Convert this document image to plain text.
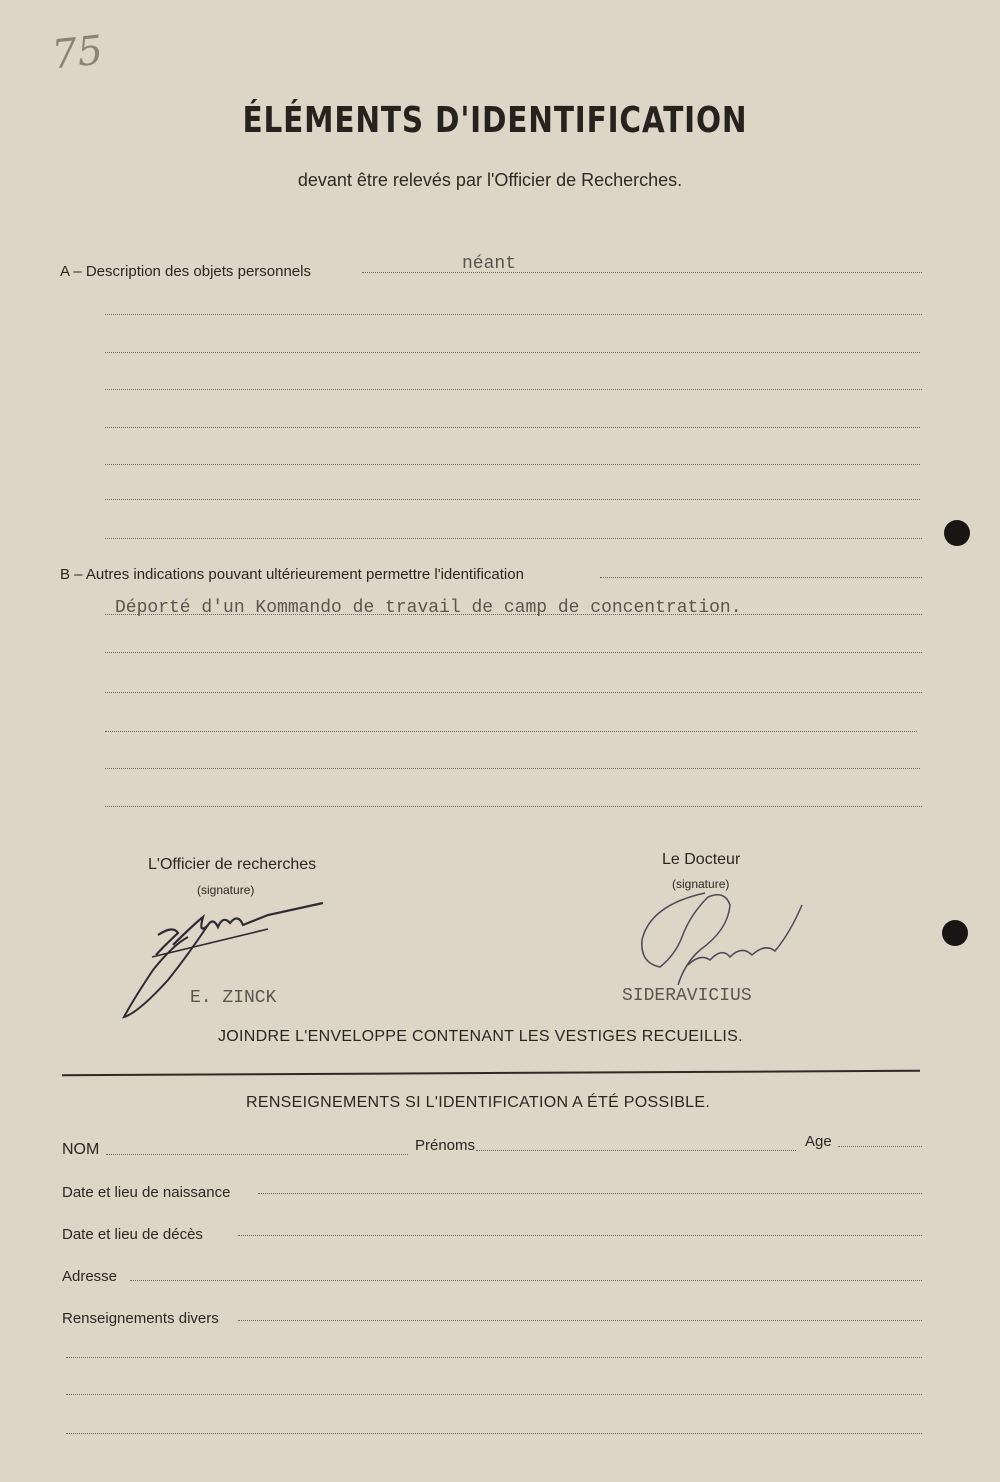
75
ÉLÉMENTS D'IDENTIFICATION
devant être relevés par l'Officier de Recherches.
A – Description des objets personnels	néant
B – Autres indications pouvant ultérieurement permettre l'identification
Déporté d'un Kommando de travail de camp de concentration.
L'Officier de recherches
(signature)
E. ZINCK
Le Docteur
(signature)
SIDERAVICIUS
JOINDRE L'ENVELOPPE CONTENANT LES VESTIGES RECUEILLIS.
RENSEIGNEMENTS SI L'IDENTIFICATION A ÉTÉ POSSIBLE.
NOM	Prénoms	Age
Date et lieu de naissance
Date et lieu de décès
Adresse
Renseignements divers
